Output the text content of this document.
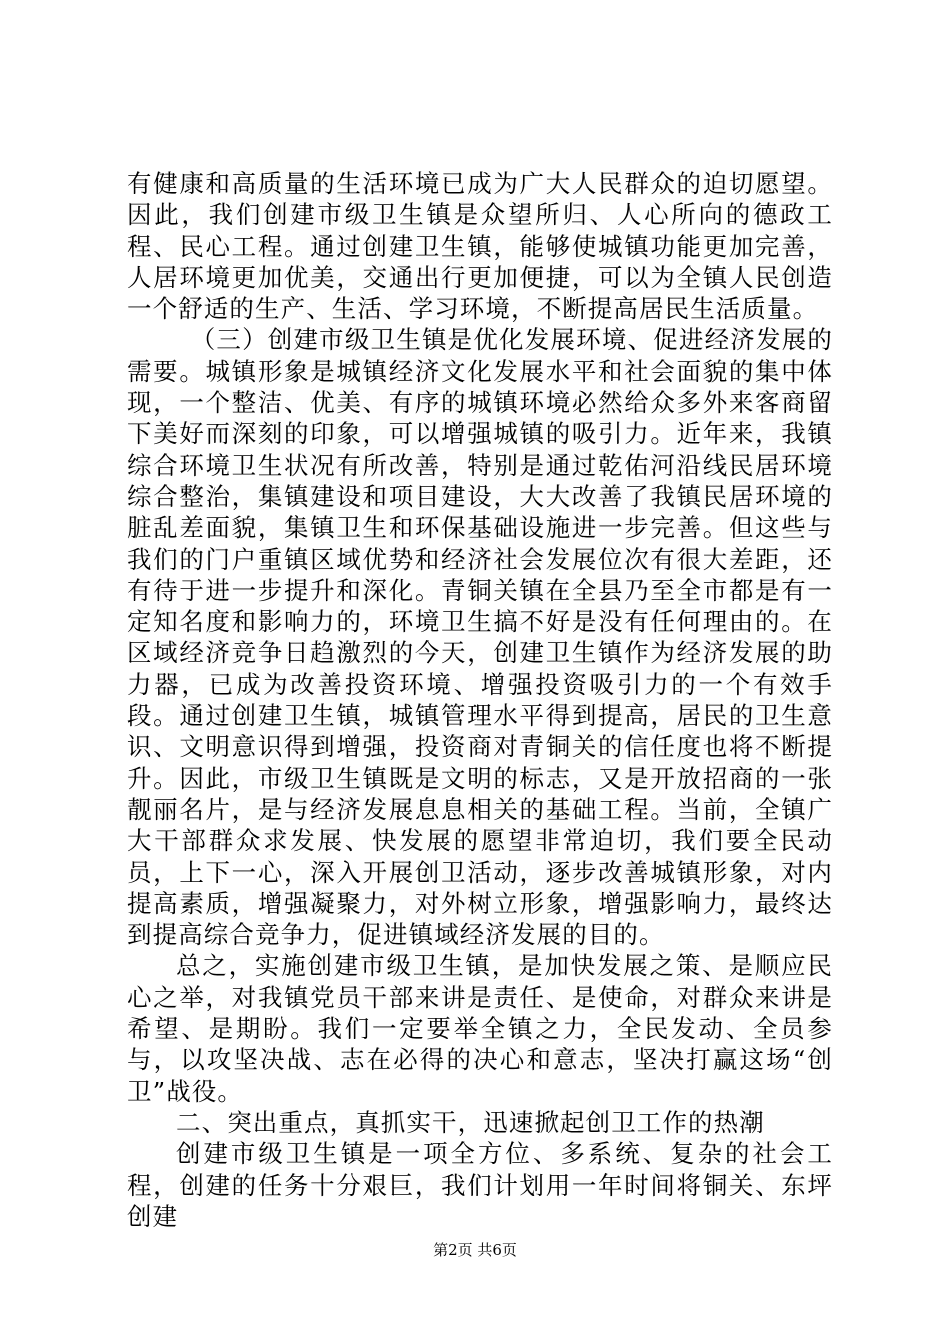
有健康和高质量的生活环境已成为广大人民群众的迫切愿望。因此，我们创建市级卫生镇是众望所归、人心所向的德政工程、民心工程。通过创建卫生镇，能够使城镇功能更加完善，人居环境更加优美，交通出行更加便捷，可以为全镇人民创造一个舒适的生产、生活、学习环境，不断提高居民生活质量。

（三）创建市级卫生镇是优化发展环境、促进经济发展的需要。城镇形象是城镇经济文化发展水平和社会面貌的集中体现，一个整洁、优美、有序的城镇环境必然给众多外来客商留下美好而深刻的印象，可以增强城镇的吸引力。近年来，我镇综合环境卫生状况有所改善，特别是通过乾佑河沿线民居环境综合整治，集镇建设和项目建设，大大改善了我镇民居环境的脏乱差面貌，集镇卫生和环保基础设施进一步完善。但这些与我们的门户重镇区域优势和经济社会发展位次有很大差距，还有待于进一步提升和深化。青铜关镇在全县乃至全市都是有一定知名度和影响力的，环境卫生搞不好是没有任何理由的。在区域经济竞争日趋激烈的今天，创建卫生镇作为经济发展的助力器，已成为改善投资环境、增强投资吸引力的一个有效手段。通过创建卫生镇，城镇管理水平得到提高，居民的卫生意识、文明意识得到增强，投资商对青铜关的信任度也将不断提升。因此，市级卫生镇既是文明的标志，又是开放招商的一张靓丽名片，是与经济发展息息相关的基础工程。当前，全镇广大干部群众求发展、快发展的愿望非常迫切，我们要全民动员，上下一心，深入开展创卫活动，逐步改善城镇形象，对内提高素质，增强凝聚力，对外树立形象，增强影响力，最终达到提高综合竞争力，促进镇域经济发展的目的。

总之，实施创建市级卫生镇，是加快发展之策、是顺应民心之举，对我镇党员干部来讲是责任、是使命，对群众来讲是希望、是期盼。我们一定要举全镇之力，全民发动、全员参与，以攻坚决战、志在必得的决心和意志，坚决打赢这场“创卫”战役。

二、突出重点，真抓实干，迅速掀起创卫工作的热潮

创建市级卫生镇是一项全方位、多系统、复杂的社会工程，创建的任务十分艰巨，我们计划用一年时间将铜关、东坪创建

第2页 共6页
